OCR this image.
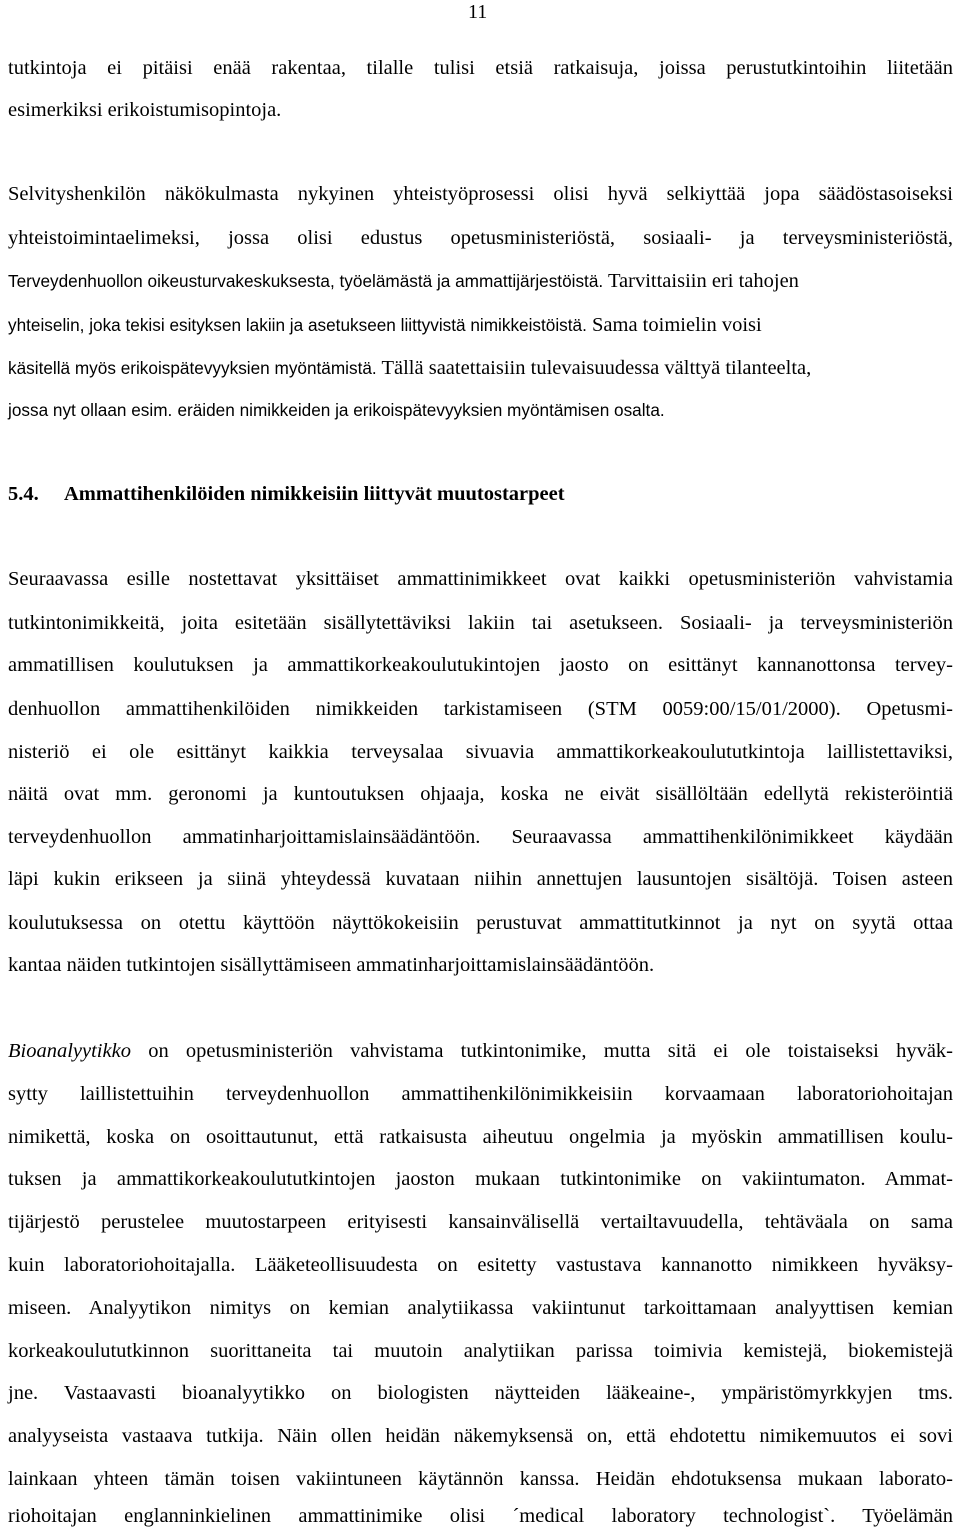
11
tutkintoja ei pitäisi enää rakentaa, tilalle tulisi etsiä ratkaisuja, joissa perustutkintoihin liitetään
esimerkiksi erikoistumisopintoja.
Selvityshenkilön näkökulmasta nykyinen yhteistyöprosessi olisi hyvä selkiyttää jopa säädöstasoiseksi
yhteistoimintaelimeksi, jossa olisi edustus opetusministeriöstä, sosiaali- ja terveysministeriöstä,
Terveydenhuollon oikeusturvakeskuksesta, työelämästä ja ammattijärjestöistä. Tarvittaisiin eri tahojen
yhteiselin, joka tekisi esityksen lakiin ja asetukseen liittyvistä nimikkeistöistä. Sama toimielin voisi
käsitellä myös erikoispätevyyksien myöntämistä. Tällä saatettaisiin tulevaisuudessa välttyä tilanteelta,
jossa nyt ollaan esim. eräiden nimikkeiden ja erikoispätevyyksien myöntämisen osalta.
5.4. Ammattihenkilöiden nimikkeisiin liittyvät muutostarpeet
Seuraavassa esille nostettavat yksittäiset ammattinimikkeet ovat kaikki opetusministeriön vahvistamia
tutkintonimikkeitä, joita esitetään sisällytettäviksi lakiin tai asetukseen. Sosiaali- ja terveysministeriön
ammatillisen koulutuksen ja ammattikorkeakoulutukintojen jaosto on esittänyt kannanottonsa tervey-
denhuollon ammattihenkilöiden nimikkeiden tarkistamiseen (STM 0059:00/15/01/2000). Opetusmi-
nisteriö ei ole esittänyt kaikkia terveysalaa sivuavia ammattikorkeakoulututkintoja laillistettaviksi,
näitä ovat mm. geronomi ja kuntoutuksen ohjaaja, koska ne eivät sisällöltään edellytä rekisteröintiä
terveydenhuollon ammatinharjoittamislainsäädäntöön. Seuraavassa ammattihenkilönimikkeet käydään
läpi kukin erikseen ja siinä yhteydessä kuvataan niihin annettujen lausuntojen sisältöjä. Toisen asteen
koulutuksessa on otettu käyttöön näyttökokeisiin perustuvat ammattitutkinnot ja nyt on syytä ottaa
kantaa näiden tutkintojen sisällyttämiseen ammatinharjoittamislainsäädäntöön.
Bioanalyytikko on opetusministeriön vahvistama tutkintonimike, mutta sitä ei ole toistaiseksi hyväk-
sytty laillistettuihin terveydenhuollon ammattihenkilönimikkeisiin korvaamaan laboratoriohoitajan
nimikettä, koska on osoittautunut, että ratkaisusta aiheutuu ongelmia ja myöskin ammatillisen koulu-
tuksen ja ammattikorkeakoulututkintojen jaoston mukaan tutkintonimike on vakiintumaton. Ammat-
tijärjestö perustelee muutostarpeen erityisesti kansainvälisellä vertailtavuudella, tehtäväala on sama
kuin laboratoriohoitajalla. Lääketeollisuudesta on esitetty vastustava kannanotto nimikkeen hyväksy-
miseen. Analyytikon nimitys on kemian analytiikassa vakiintunut tarkoittamaan analyyttisen kemian
korkeakoulututkinnon suorittaneita tai muutoin analytiikan parissa toimivia kemistejä, biokemistejä
jne. Vastaavasti bioanalyytikko on biologisten näytteiden lääkeaine-, ympäristömyrkkyjen tms.
analyyseista vastaava tutkija. Näin ollen heidän näkemyksensä on, että ehdotettu nimikemuutos ei sovi
lainkaan yhteen tämän toisen vakiintuneen käytännön kanssa. Heidän ehdotuksensa mukaan laborato-
riohoitajan englanninkielinen ammattinimike olisi ´medical laboratory technologist`. Työelämän
